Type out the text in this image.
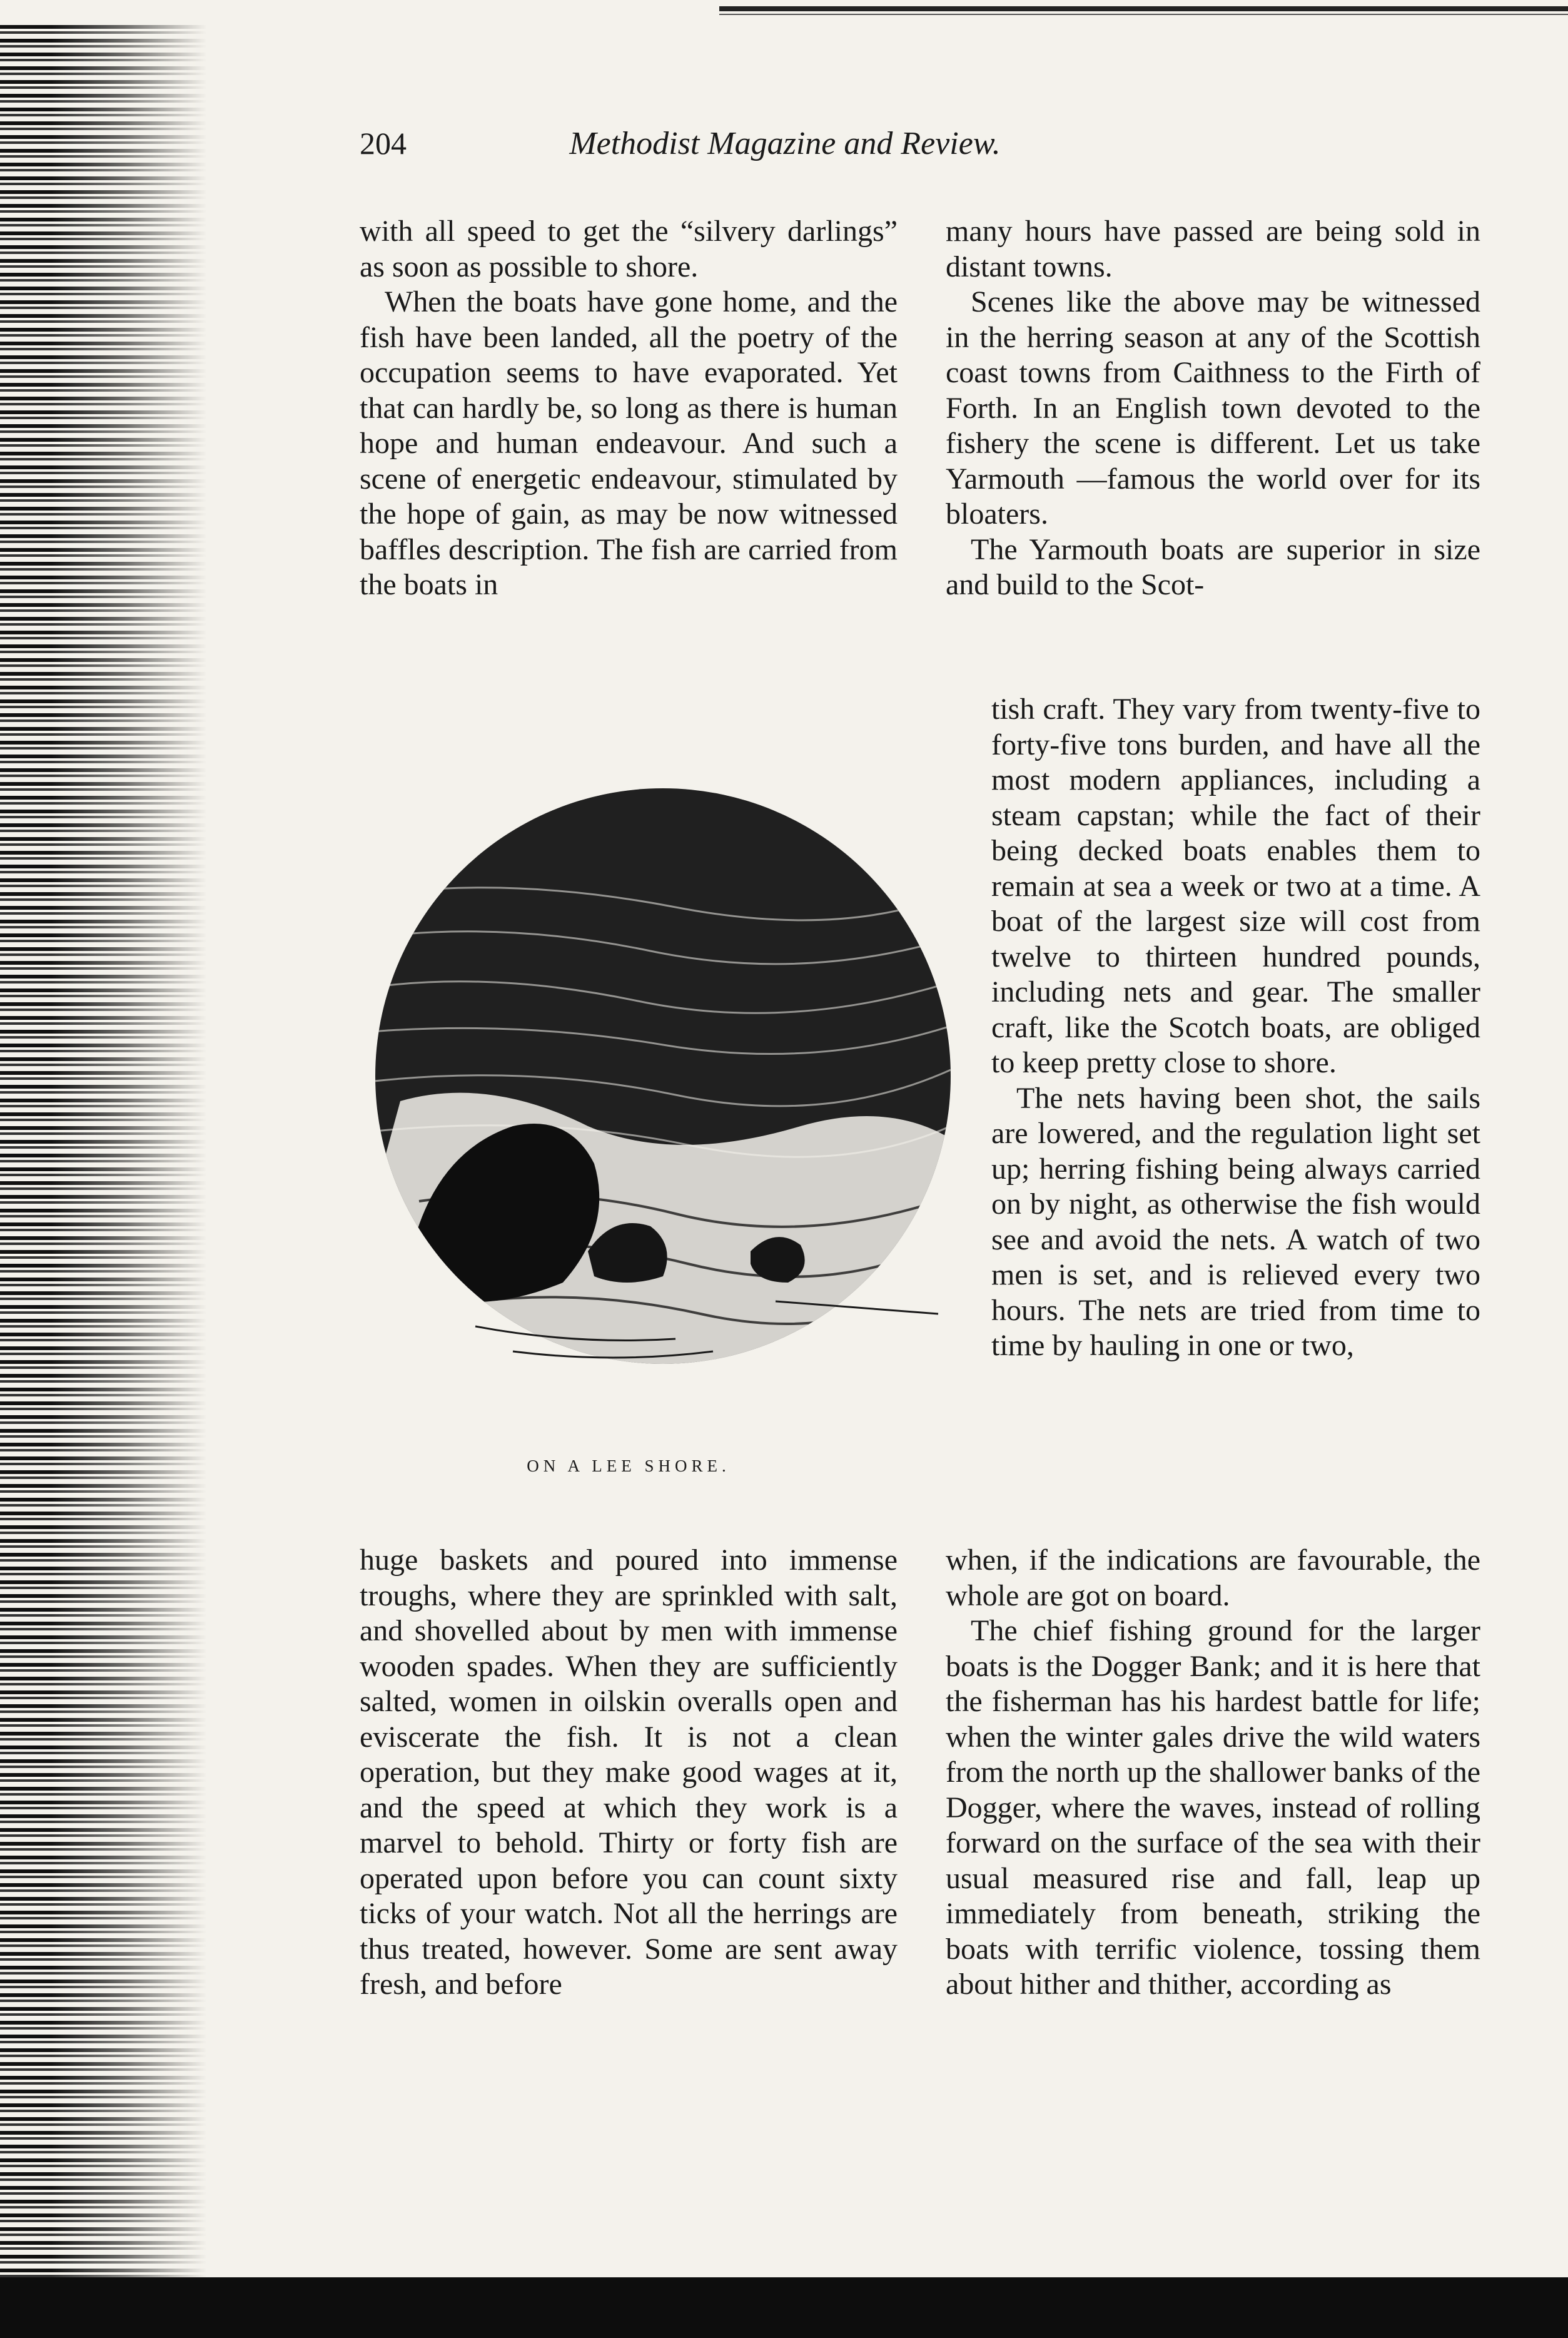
204	Methodist Magazine and Review.

with all speed to get the “silvery darlings” as soon as possible to shore.

When the boats have gone home, and the fish have been landed, all the poetry of the occupation seems to have evaporated. Yet that can hardly be, so long as there is human hope and human endeavour. And such a scene of energetic endeavour, stimulated by the hope of gain, as may be now witnessed baffles description. The fish are carried from the boats in

ON A LEE SHORE.

huge baskets and poured into immense troughs, where they are sprinkled with salt, and shovelled about by men with immense wooden spades. When they are sufficiently salted, women in oilskin overalls open and eviscerate the fish. It is not a clean operation, but they make good wages at it, and the speed at which they work is a marvel to behold. Thirty or forty fish are operated upon before you can count sixty ticks of your watch. Not all the herrings are thus treated, however. Some are sent away fresh, and before

many hours have passed are being sold in distant towns.

Scenes like the above may be witnessed in the herring season at any of the Scottish coast towns from Caithness to the Firth of Forth. In an English town devoted to the fishery the scene is different. Let us take Yarmouth —famous the world over for its bloaters.

The Yarmouth boats are superior in size and build to the Scot-

tish craft. They vary from twenty-five to forty-five tons burden, and have all the most modern appliances, including a steam capstan; while the fact of their being decked boats enables them to remain at sea a week or two at a time. A boat of the largest size will cost from twelve to thirteen hundred pounds, including nets and gear. The smaller craft, like the Scotch boats, are obliged to keep pretty close to shore.

The nets having been shot, the sails are lowered, and the regulation light set up; herring fishing being always carried on by night, as otherwise the fish would see and avoid the nets. A watch of two men is set, and is relieved every two hours. The nets are tried from time to time by hauling in one or two,

when, if the indications are favourable, the whole are got on board.

The chief fishing ground for the larger boats is the Dogger Bank; and it is here that the fisherman has his hardest battle for life; when the winter gales drive the wild waters from the north up the shallower banks of the Dogger, where the waves, instead of rolling forward on the surface of the sea with their usual measured rise and fall, leap up immediately from beneath, striking the boats with terrific violence, tossing them about hither and thither, according as
